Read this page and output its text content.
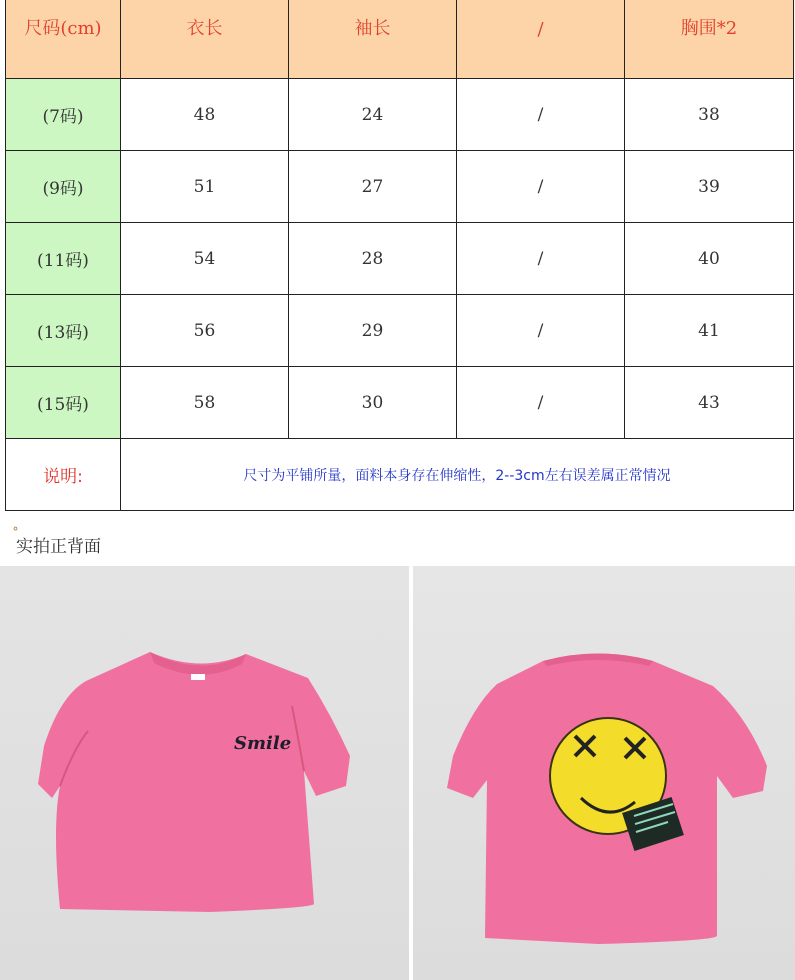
尺码(cm)	衣长	袖长	/	胸围*2
(7码)	48	24	/	38
(9码)	51	27	/	39
(11码)	54	28	/	40
(13码)	56	29	/	41
(15码)	58	30	/	43
说明:	尺寸为平铺所量，面料本身存在伸缩性，2--3cm左右误差属正常情况			
˚
实拍正背面
Smile
